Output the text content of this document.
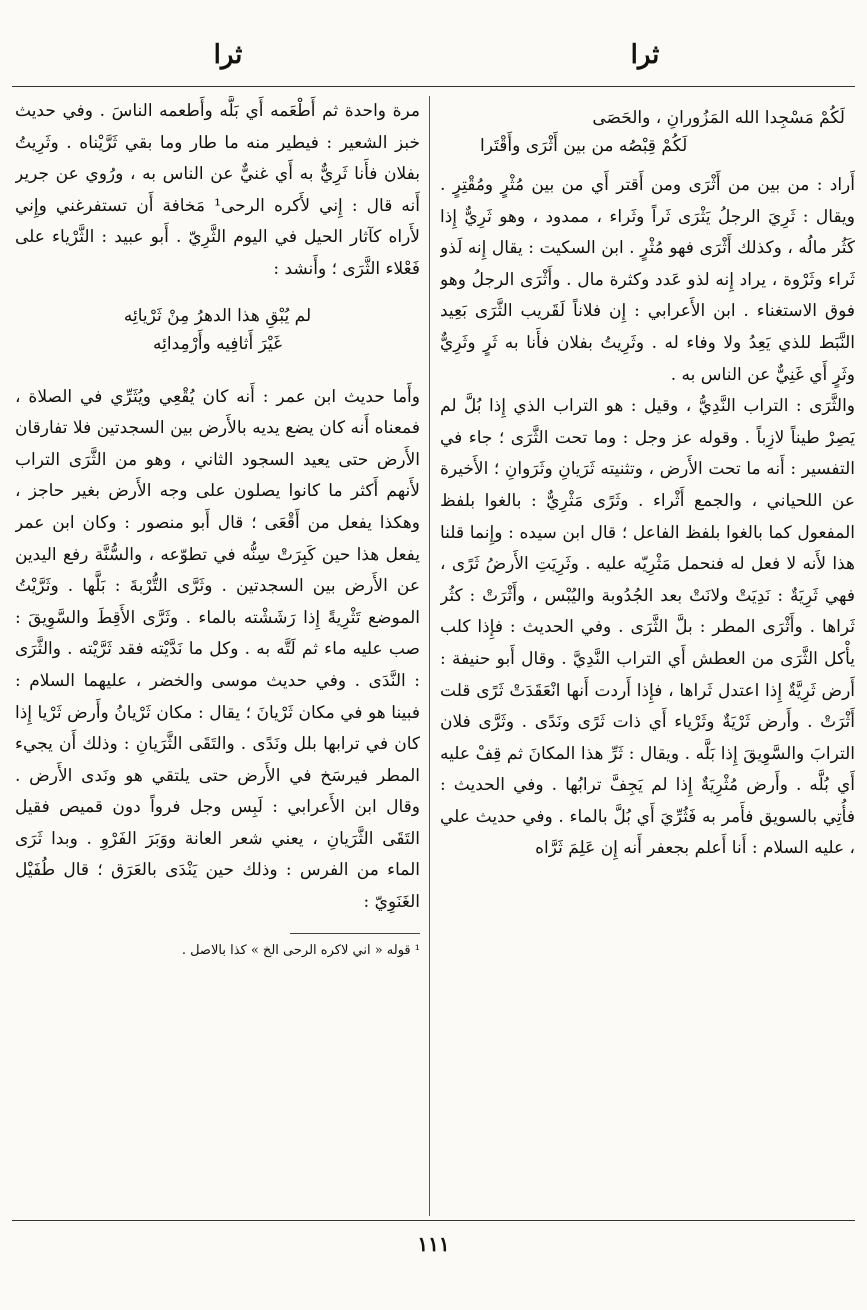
ثرا
ثرا
لَكُمْ مَسْجِدا الله المَزُورانِ ، والحَصَى
لَكُمْ قِبْصُه من بين أَثْرَى وأَقْتَرا

أَراد : من بين من أَثْرَى ومن أَقتر أَي من بين مُثْرٍ ومُقْتِرٍ . ويقال : ثَرِيَ الرجلُ يَثْرَى ثَراً وثَراء ، ممدود ، وهو ثَرِيٌّ إِذا كَثُر مالُه ، وكذلك أَثْرَى فهو مُثْرٍ . ابن السكيت : يقال إِنه لَذو ثَراء وثَرْوة ، يراد إِنه لذو عَدد وكثرة مال . وأَثْرَى الرجلُ وهو فوق الاستغناء . ابن الأَعرابي : إِن فلاناً لَقَريب الثَّرَى بَعِيد النَّبَط للذي يَعِدُ ولا وفاء له . وثَرِيتُ بفلان فأَنا به ثَرٍ وثَرِيٌّ وثَرٍ أَي غَنِيٌّ عن الناس به .

والثَّرَى : التراب النَّدِيُّ ، وقيل : هو التراب الذي إِذا بُلَّ لم يَصِرْ طيناً لازِباً . وقوله عز وجل : وما تحت الثَّرَى ؛ جاء في التفسير : أَنه ما تحت الأَرض ، وتثنيته ثَرَيانِ وثَرَوانِ ؛ الأَخيرة عن اللحياني ، والجمع أَثْراء . وثَرًى مَثْرِيٌّ : بالغوا بلفظ المفعول كما بالغوا بلفظ الفاعل ؛ قال ابن سيده : وإِنما قلنا هذا لأَنه لا فعل له فنحمل مَثْرِيّه عليه . وثَرِيَتِ الأَرضُ ثَرًى ، فهي ثَرِيَةٌ : نَدِيَتْ ولانَتْ بعد الجُدُوبة واليُبْس ، وأَثْرَتْ : كثُر ثَراها . وأَثْرَى المطر : بلَّ الثَّرَى . وفي الحديث : فإِذا كلب يأْكل الثَّرَى من العطش أَي التراب النَّدِيَّ . وقال أَبو حنيفة : أَرض ثَرِيَّةٌ إِذا اعتدل ثَراها ، فإِذا أَردت أَنها انْعَقَدَتْ ثَرًى قلت أَثْرَتْ . وأَرض ثَرْيَةٌ وثَرْياء أَي ذات ثَرًى ونَدًى . وثَرَّى فلان الترابَ والسَّوِيقَ إِذا بَلَّه . ويقال : ثَرِّ هذا المكانَ ثم قِفْ عليه أَي بُلَّه . وأَرض مُثْرِيَةٌ إِذا لم يَجِفَّ ترابُها . وفي الحديث : فأُتِي بالسويق فأَمر به فَثُرِّيَ أَي بُلَّ بالماء . وفي حديث علي ، عليه السلام : أَنا أَعلم بجعفر أَنه إِن عَلِمَ ثَرَّاه

مرة واحدة ثم أَطْعَمه أَي بَلَّه وأَطعمه الناسَ . وفي حديث خبز الشعير : فيطير منه ما طار وما بقي ثَرَّيْناه . وثَرِيتُ بفلان فأَنا ثَرِيٌّ به أَي غنيٌّ عن الناس به ، ورُوي عن جرير أَنه قال : إِني لأَكره الرحى¹ مَخافة أَن تستفرغني وإِني لأَراه كآثار الحيل في اليوم الثَّرِيّ . أَبو عبيد : الثَّرْياء على فَعْلاء الثَّرَى ؛ وأَنشد :

لم يُبْقِ هذا الدهرُ مِنْ ثَرْيائِه
غَيْرَ أَثافِيه وأَرْمِدائِه

وأَما حديث ابن عمر : أَنه كان يُقْعِي ويُثَرِّي في الصلاة ، فمعناه أَنه كان يضع يديه بالأَرض بين السجدتين فلا تفارقان الأَرض حتى يعيد السجود الثاني ، وهو من الثَّرَى التراب لأَنهم أَكثر ما كانوا يصلون على وجه الأَرض بغير حاجز ، وهكذا يفعل من أَقْعَى ؛ قال أَبو منصور : وكان ابن عمر يفعل هذا حين كَبِرَتْ سِنُّه في تطوّعه ، والسُّنَّة رفع اليدين عن الأَرض بين السجدتين . وثَرَّى التُّرْبةَ : بَلَّها . وثَرَّيْتُ الموضع تَثْرِيةً إِذا رَشَشْته بالماء . وثَرَّى الأَقِطَ والسَّوِيقَ : صب عليه ماء ثم لَتَّه به . وكل ما نَدَّيْته فقد ثَرَّيْته . والثَّرَى : النَّدَى . وفي حديث موسى والخضر ، عليهما السلام : فبينا هو في مكان ثَرْيانَ ؛ يقال : مكان ثَرْيانُ وأَرض ثَرْيا إِذا كان في ترابها بلل ونَدًى . والتَقَى الثَّرَيانِ : وذلك أَن يجيء المطر فيرسَخ في الأَرض حتى يلتقي هو ونَدى الأَرض . وقال ابن الأَعرابي : لَبِس وجل فرواً دون قميص فقيل التَقَى الثَّرَيانِ ، يعني شعر العانة ووَبَرَ الفَرْوِ . وبدا ثَرَى الماء من الفرس : وذلك حين يَنْدَى بالعَرَق ؛ قال طُفَيْل الغَنَوِيّ :

¹ قوله « اني لاكره الرحى الخ » كذا بالاصل .
١١١
